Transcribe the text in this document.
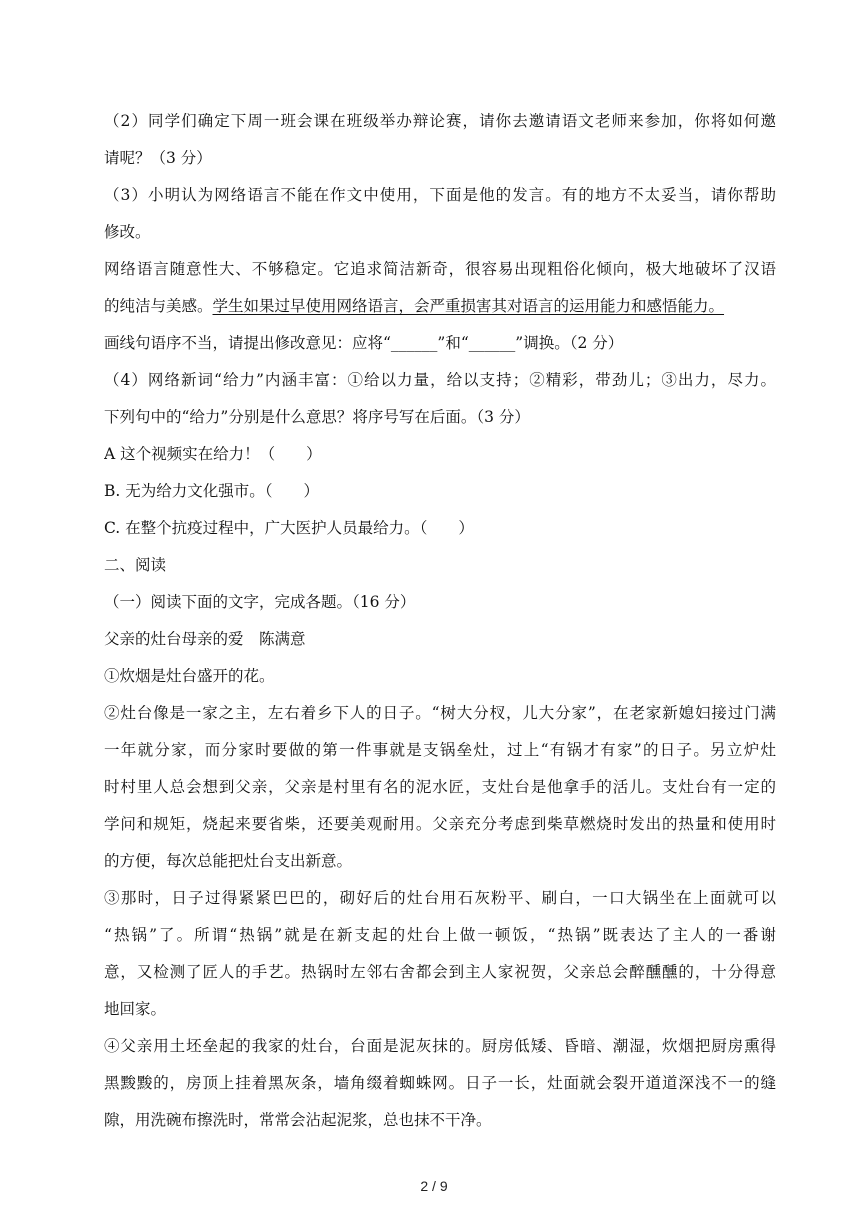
（2）同学们确定下周一班会课在班级举办辩论赛，请你去邀请语文老师来参加，你将如何邀
请呢？（3 分）
（3）小明认为网络语言不能在作文中使用，下面是他的发言。有的地方不太妥当，请你帮助
修改。
网络语言随意性大、不够稳定。它追求简洁新奇，很容易出现粗俗化倾向，极大地破坏了汉语
的纯洁与美感。学生如果过早使用网络语言，会严重损害其对语言的运用能力和感悟能力。
画线句语序不当，请提出修改意见：应将“______”和“______”调换。（2 分）
（4）网络新词“给力”内涵丰富：①给以力量，给以支持；②精彩，带劲儿；③出力，尽力。
下列句中的“给力”分别是什么意思？将序号写在后面。（3 分）
A 这个视频实在给力！（　　）
B. 无为给力文化强市。（　　）
C. 在整个抗疫过程中，广大医护人员最给力。（　　）
二、阅读
（一）阅读下面的文字，完成各题。（16 分）
父亲的灶台母亲的爱　陈满意
①炊烟是灶台盛开的花。
②灶台像是一家之主，左右着乡下人的日子。“树大分杈，儿大分家”，在老家新媳妇接过门满
一年就分家，而分家时要做的第一件事就是支锅垒灶，过上“有锅才有家”的日子。另立炉灶
时村里人总会想到父亲，父亲是村里有名的泥水匠，支灶台是他拿手的活儿。支灶台有一定的
学问和规矩，烧起来要省柴，还要美观耐用。父亲充分考虑到柴草燃烧时发出的热量和使用时
的方便，每次总能把灶台支出新意。
③那时，日子过得紧紧巴巴的，砌好后的灶台用石灰粉平、刷白，一口大锅坐在上面就可以
“热锅”了。所谓“热锅”就是在新支起的灶台上做一顿饭，“热锅”既表达了主人的一番谢
意，又检测了匠人的手艺。热锅时左邻右舍都会到主人家祝贺，父亲总会醉醺醺的，十分得意
地回家。
④父亲用土坯垒起的我家的灶台，台面是泥灰抹的。厨房低矮、昏暗、潮湿，炊烟把厨房熏得
黑黢黢的，房顶上挂着黑灰条，墙角缀着蜘蛛网。日子一长，灶面就会裂开道道深浅不一的缝
隙，用洗碗布擦洗时，常常会沾起泥浆，总也抹不干净。
2 / 9
